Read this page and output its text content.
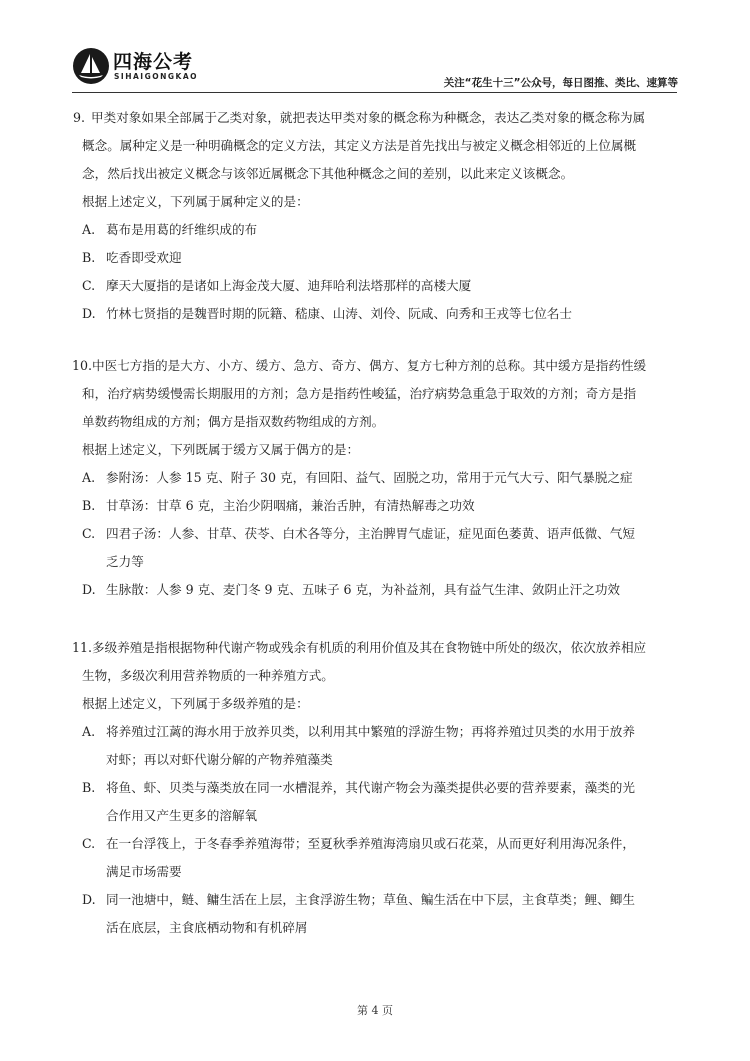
四海公考
SIHAIGONGKAO
关注“花生十三”公众号，每日图推、类比、速算等
9. 甲类对象如果全部属于乙类对象，就把表达甲类对象的概念称为种概念，表达乙类对象的概念称为属
概念。属种定义是一种明确概念的定义方法，其定义方法是首先找出与被定义概念相邻近的上位属概
念，然后找出被定义概念与该邻近属概念下其他种概念之间的差别，以此来定义该概念。
根据上述定义，下列属于属种定义的是：
A. 葛布是用葛的纤维织成的布
B. 吃香即受欢迎
C. 摩天大厦指的是诸如上海金茂大厦、迪拜哈利法塔那样的高楼大厦
D. 竹林七贤指的是魏晋时期的阮籍、嵇康、山涛、刘伶、阮咸、向秀和王戎等七位名士
10.中医七方指的是大方、小方、缓方、急方、奇方、偶方、复方七种方剂的总称。其中缓方是指药性缓
和，治疗病势缓慢需长期服用的方剂；急方是指药性峻猛，治疗病势急重急于取效的方剂；奇方是指
单数药物组成的方剂；偶方是指双数药物组成的方剂。
根据上述定义，下列既属于缓方又属于偶方的是：
A. 参附汤：人参 15 克、附子 30 克，有回阳、益气、固脱之功，常用于元气大亏、阳气暴脱之症
B. 甘草汤：甘草 6 克，主治少阴咽痛，兼治舌肿，有清热解毒之功效
C. 四君子汤：人参、甘草、茯苓、白术各等分，主治脾胃气虚证，症见面色萎黄、语声低微、气短
乏力等
D. 生脉散：人参 9 克、麦门冬 9 克、五味子 6 克，为补益剂，具有益气生津、敛阴止汗之功效
11.多级养殖是指根据物种代谢产物或残余有机质的利用价值及其在食物链中所处的级次，依次放养相应
生物，多级次利用营养物质的一种养殖方式。
根据上述定义，下列属于多级养殖的是：
A. 将养殖过江蓠的海水用于放养贝类，以利用其中繁殖的浮游生物；再将养殖过贝类的水用于放养
对虾；再以对虾代谢分解的产物养殖藻类
B. 将鱼、虾、贝类与藻类放在同一水槽混养，其代谢产物会为藻类提供必要的营养要素，藻类的光
合作用又产生更多的溶解氧
C. 在一台浮筏上，于冬春季养殖海带；至夏秋季养殖海湾扇贝或石花菜，从而更好利用海况条件，
满足市场需要
D. 同一池塘中，鲢、鳙生活在上层，主食浮游生物；草鱼、鳊生活在中下层，主食草类；鲤、鲫生
活在底层，主食底栖动物和有机碎屑
第 4 页
